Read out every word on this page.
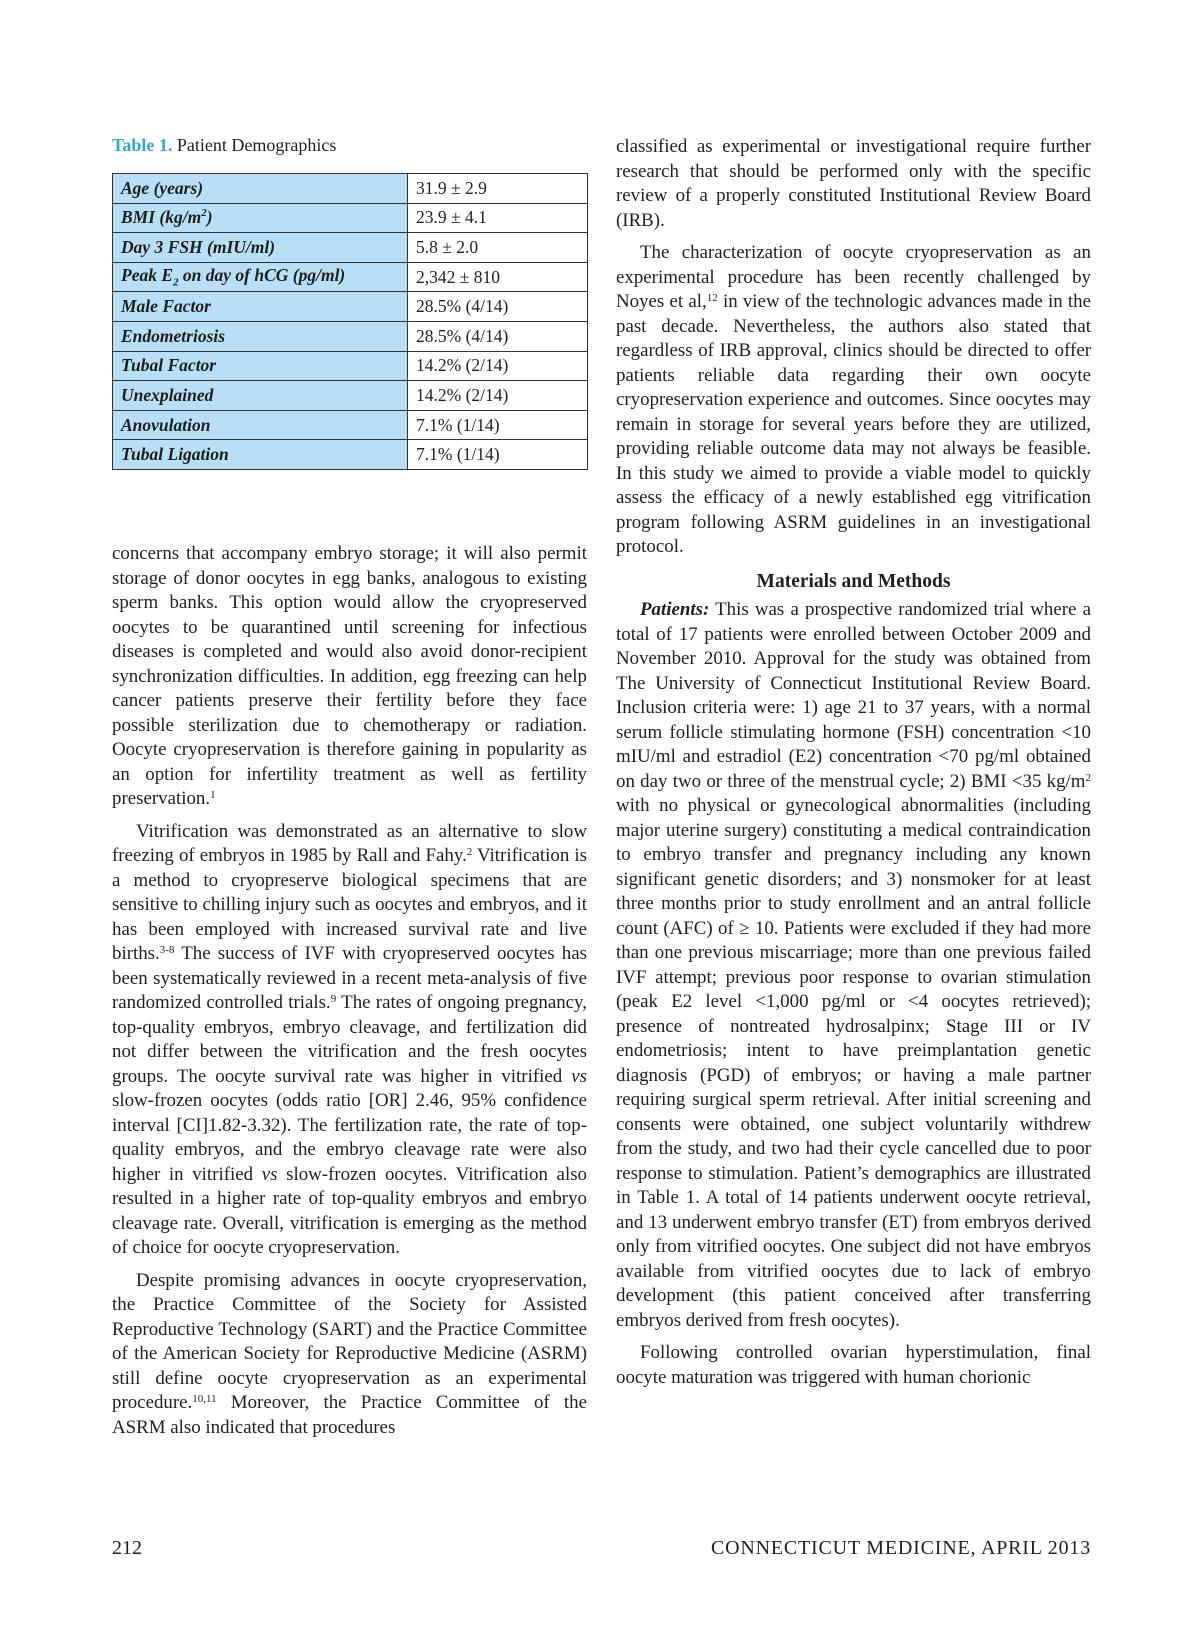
Table 1. Patient Demographics
Age (years)	31.9 ± 2.9
BMI $(kg/m^2)$	23.9 ± 4.1
Day 3 FSH (mIU/ml)	5.8 ± 2.0
Peak $E_2$ on day of hCG (pg/ml)	2,342 ± 810
Male Factor	28.5% (4/14)
Endometriosis	28.5% (4/14)
Tubal Factor	14.2% (2/14)
Unexplained	14.2% (2/14)
Anovulation	7.1% (1/14)
Tubal Ligation	7.1% (1/14)

concerns that accompany embryo storage; it will also permit storage of donor oocytes in egg banks, analogous to existing sperm banks. This option would allow the cryopreserved oocytes to be quarantined until screening for infectious diseases is completed and would also avoid donor-recipient synchronization difficulties. In addition, egg freezing can help cancer patients preserve their fertility before they face possible sterilization due to chemotherapy or radiation. Oocyte cryopreservation is therefore gaining in popularity as an option for infertility treatment as well as fertility preservation.$^1$

Vitrification was demonstrated as an alternative to slow freezing of embryos in 1985 by Rall and Fahy.$^2$ Vitrification is a method to cryopreserve biological specimens that are sensitive to chilling injury such as oocytes and embryos, and it has been employed with increased survival rate and live births.$^{3-8}$ The success of IVF with cryopreserved oocytes has been systematically reviewed in a recent meta-analysis of five randomized controlled trials.$^9$ The rates of ongoing pregnancy, top-quality embryos, embryo cleavage, and fertilization did not differ between the vitrification and the fresh oocytes groups. The oocyte survival rate was higher in vitrified vs slow-frozen oocytes (odds ratio [OR] 2.46, 95% confidence interval [CI]1.82-3.32). The fertilization rate, the rate of top-quality embryos, and the embryo cleavage rate were also higher in vitrified vs slow-frozen oocytes. Vitrification also resulted in a higher rate of top-quality embryos and embryo cleavage rate. Overall, vitrification is emerging as the method of choice for oocyte cryopreservation.

Despite promising advances in oocyte cryopreservation, the Practice Committee of the Society for Assisted Reproductive Technology (SART) and the Practice Committee of the American Society for Reproductive Medicine (ASRM) still define oocyte cryopreservation as an experimental procedure.$^{10,11}$ Moreover, the Practice Committee of the ASRM also indicated that procedures

classified as experimental or investigational require further research that should be performed only with the specific review of a properly constituted Institutional Review Board (IRB).

The characterization of oocyte cryopreservation as an experimental procedure has been recently challenged by Noyes et al,$^{12}$ in view of the technologic advances made in the past decade. Nevertheless, the authors also stated that regardless of IRB approval, clinics should be directed to offer patients reliable data regarding their own oocyte cryopreservation experience and outcomes. Since oocytes may remain in storage for several years before they are utilized, providing reliable outcome data may not always be feasible. In this study we aimed to provide a viable model to quickly assess the efficacy of a newly established egg vitrification program following ASRM guidelines in an investigational protocol.

Materials and Methods

Patients: This was a prospective randomized trial where a total of 17 patients were enrolled between October 2009 and November 2010. Approval for the study was obtained from The University of Connecticut Institutional Review Board. Inclusion criteria were: 1) age 21 to 37 years, with a normal serum follicle stimulating hormone (FSH) concentration <10 mIU/ml and estradiol (E2) concentration <70 pg/ml obtained on day two or three of the menstrual cycle; 2) BMI <35 $kg/m^2$ with no physical or gynecological abnormalities (including major uterine surgery) constituting a medical contraindication to embryo transfer and pregnancy including any known significant genetic disorders; and 3) nonsmoker for at least three months prior to study enrollment and an antral follicle count (AFC) of ≥ 10. Patients were excluded if they had more than one previous miscarriage; more than one previous failed IVF attempt; previous poor response to ovarian stimulation (peak E2 level <1,000 pg/ml or <4 oocytes retrieved); presence of nontreated hydrosalpinx; Stage III or IV endometriosis; intent to have preimplantation genetic diagnosis (PGD) of embryos; or having a male partner requiring surgical sperm retrieval. After initial screening and consents were obtained, one subject voluntarily withdrew from the study, and two had their cycle cancelled due to poor response to stimulation. Patient’s demographics are illustrated in Table 1. A total of 14 patients underwent oocyte retrieval, and 13 underwent embryo transfer (ET) from embryos derived only from vitrified oocytes. One subject did not have embryos available from vitrified oocytes due to lack of embryo development (this patient conceived after transferring embryos derived from fresh oocytes).

Following controlled ovarian hyperstimulation, final oocyte maturation was triggered with human chorionic

212	CONNECTICUT MEDICINE, APRIL 2013
